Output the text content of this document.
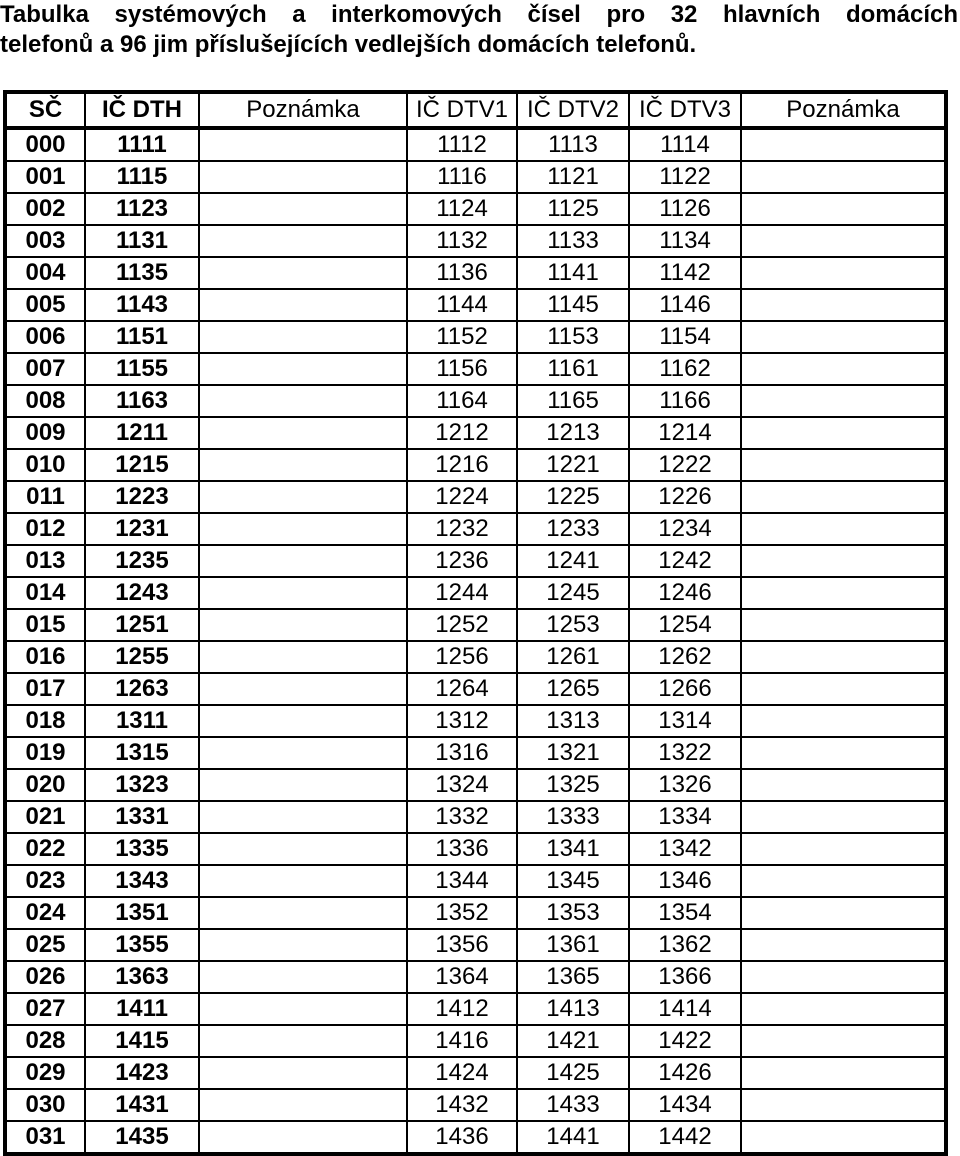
Tabulka systémových a interkomových čísel pro 32 hlavních domácích
telefonů a 96 jim příslušejících vedlejších domácích telefonů.
SČ	IČ DTH	Poznámka	IČ DTV1	IČ DTV2	IČ DTV3	Poznámka
000	1111		1112	1113	1114	
001	1115		1116	1121	1122	
002	1123		1124	1125	1126	
003	1131		1132	1133	1134	
004	1135		1136	1141	1142	
005	1143		1144	1145	1146	
006	1151		1152	1153	1154	
007	1155		1156	1161	1162	
008	1163		1164	1165	1166	
009	1211		1212	1213	1214	
010	1215		1216	1221	1222	
011	1223		1224	1225	1226	
012	1231		1232	1233	1234	
013	1235		1236	1241	1242	
014	1243		1244	1245	1246	
015	1251		1252	1253	1254	
016	1255		1256	1261	1262	
017	1263		1264	1265	1266	
018	1311		1312	1313	1314	
019	1315		1316	1321	1322	
020	1323		1324	1325	1326	
021	1331		1332	1333	1334	
022	1335		1336	1341	1342	
023	1343		1344	1345	1346	
024	1351		1352	1353	1354	
025	1355		1356	1361	1362	
026	1363		1364	1365	1366	
027	1411		1412	1413	1414	
028	1415		1416	1421	1422	
029	1423		1424	1425	1426	
030	1431		1432	1433	1434	
031	1435		1436	1441	1442	
